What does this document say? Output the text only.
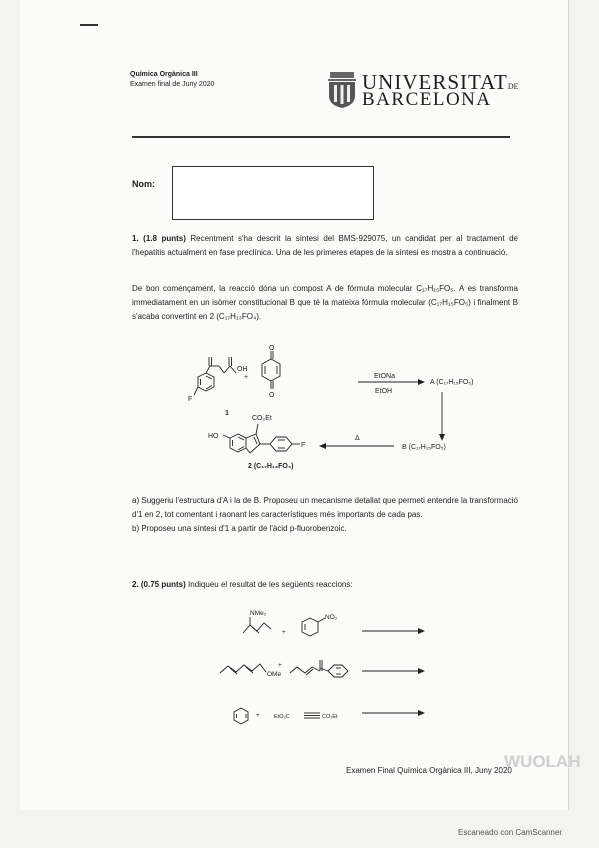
Química Orgànica III
Examen final de Juny 2020	UNIVERSITATDE
BARCELONA
Nom:
1. (1.8 punts) Recentment s'ha descrit la síntesi del BMS-929075, un candidat per al tractament de l'hepatitis actualment en fase preclínica. Una de les primeres etapes de la síntesi es mostra a continuació.
De bon començament, la reacció dóna un compost A de fórmula molecular C₁₇H₁₅FO₅. A es transforma immediatament en un isòmer constitucional B que té la mateixa fórmula molecular (C₁₇H₁₅FO₅) i finalment B s'acaba convertint en 2 (C₁₇H₁₃FO₄).
OH
+
O
O
F
1
EtONa
EtOH
A (C₁₇H₁₅FO₅)
B (C₁₇H₁₅FO₅)
Δ
HO
CO₂Et
F
2 (C₁₇H₁₃FO₄)
a) Suggeriu l'estructura d'A i la de B. Proposeu un mecanisme detallat que permeti entendre la transformació d'1 en 2, tot comentant i raonant les característiques més importants de cada pas.
b) Proposeu una síntesi d'1 a partir de l'àcid p-fluorobenzoic.
2. (0.75 punts) Indiqueu el resultat de les següents reaccions:
NMe₂
+
NO₂
OMe
+
+	EtO₂C	CO₂Et
WUOLAH
Examen Final Química Orgànica III, Juny 2020
Escaneado con CamScanner
